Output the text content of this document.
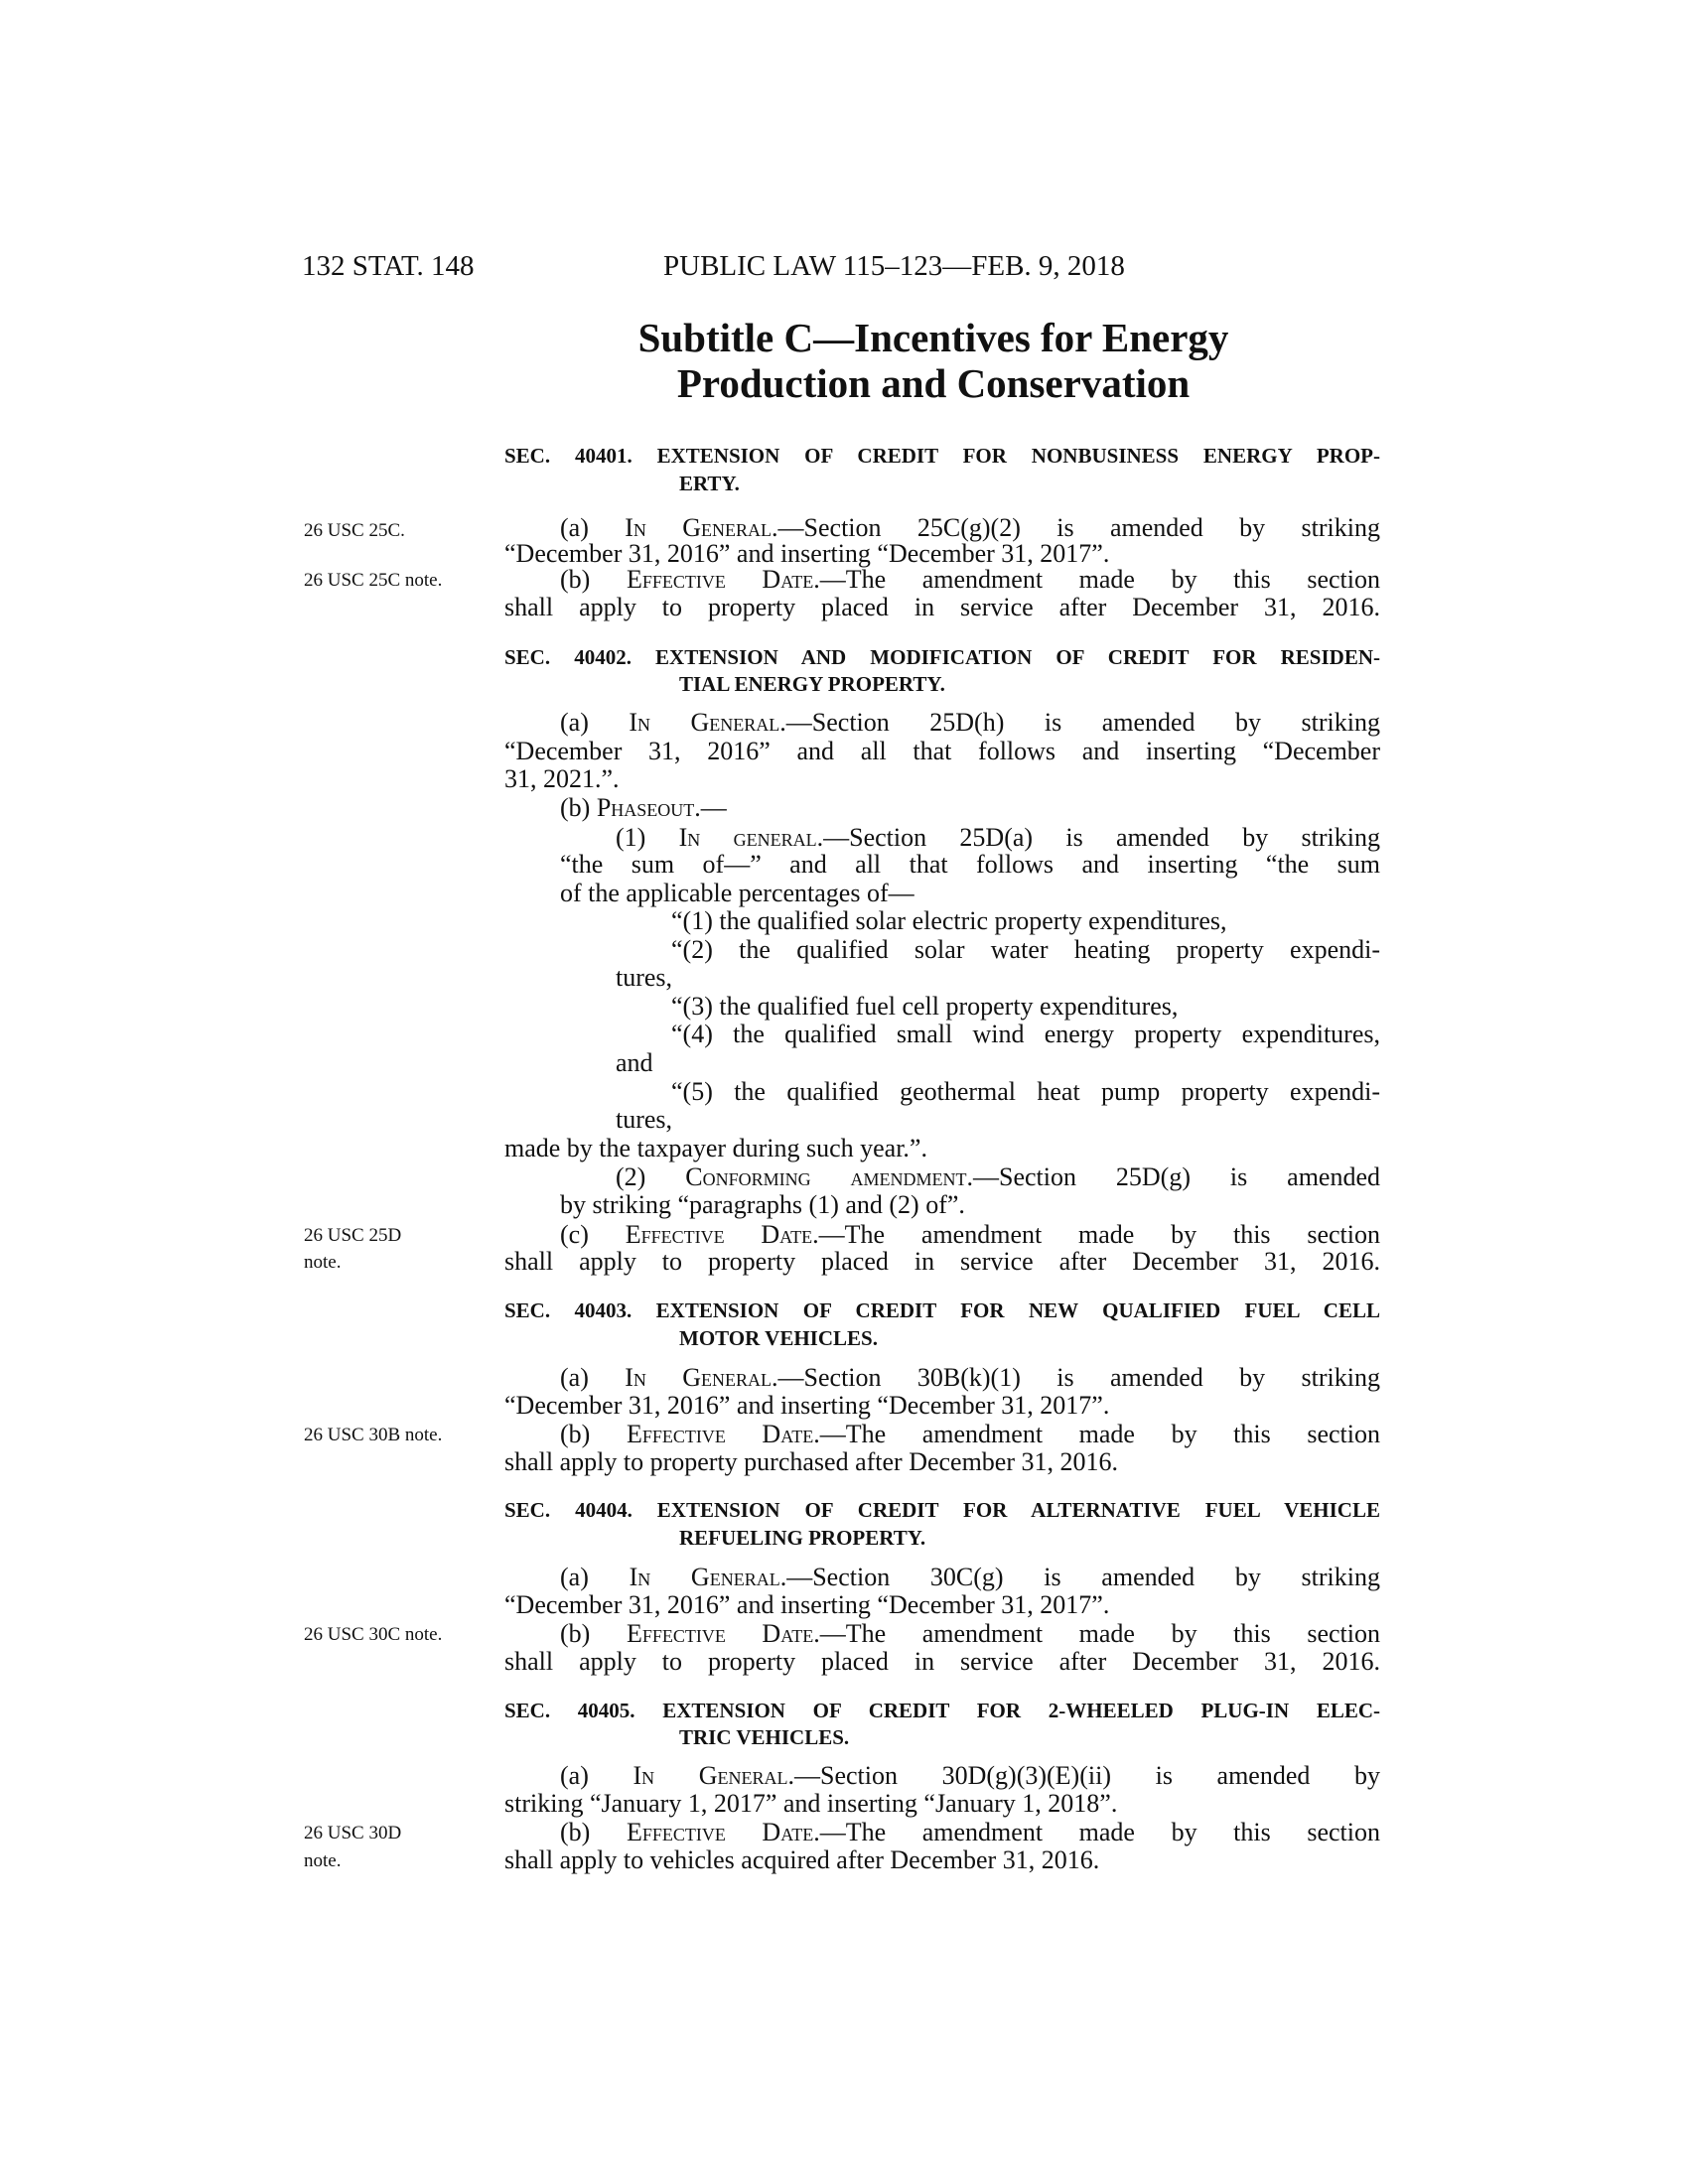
132 STAT. 148	PUBLIC LAW 115–123—FEB. 9, 2018
Subtitle C—Incentives for Energy
Production and Conservation
SEC. 40401. EXTENSION OF CREDIT FOR NONBUSINESS ENERGY PROP-
ERTY.
(a) In General.—Section 25C(g)(2) is amended by striking
“December 31, 2016” and inserting “December 31, 2017”.
(b) Effective Date.—The amendment made by this section
shall apply to property placed in service after December 31, 2016.
SEC. 40402. EXTENSION AND MODIFICATION OF CREDIT FOR RESIDEN-
TIAL ENERGY PROPERTY.
(a) In General.—Section 25D(h) is amended by striking
“December 31, 2016” and all that follows and inserting “December
31, 2021.”.
(b) Phaseout.—
(1) In general.—Section 25D(a) is amended by striking
“the sum of—” and all that follows and inserting “the sum
of the applicable percentages of—
“(1) the qualified solar electric property expenditures,
“(2) the qualified solar water heating property expendi-
tures,
“(3) the qualified fuel cell property expenditures,
“(4) the qualified small wind energy property expenditures,
and
“(5) the qualified geothermal heat pump property expendi-
tures,
made by the taxpayer during such year.”.
(2) Conforming amendment.—Section 25D(g) is amended
by striking “paragraphs (1) and (2) of”.
(c) Effective Date.—The amendment made by this section
shall apply to property placed in service after December 31, 2016.
SEC. 40403. EXTENSION OF CREDIT FOR NEW QUALIFIED FUEL CELL
MOTOR VEHICLES.
(a) In General.—Section 30B(k)(1) is amended by striking
“December 31, 2016” and inserting “December 31, 2017”.
(b) Effective Date.—The amendment made by this section
shall apply to property purchased after December 31, 2016.
SEC. 40404. EXTENSION OF CREDIT FOR ALTERNATIVE FUEL VEHICLE
REFUELING PROPERTY.
(a) In General.—Section 30C(g) is amended by striking
“December 31, 2016” and inserting “December 31, 2017”.
(b) Effective Date.—The amendment made by this section
shall apply to property placed in service after December 31, 2016.
SEC. 40405. EXTENSION OF CREDIT FOR 2-WHEELED PLUG-IN ELEC-
TRIC VEHICLES.
(a) In General.—Section 30D(g)(3)(E)(ii) is amended by
striking “January 1, 2017” and inserting “January 1, 2018”.
(b) Effective Date.—The amendment made by this section
shall apply to vehicles acquired after December 31, 2016.
26 USC 25C.
26 USC 25C note.
26 USC 25D
note.
26 USC 30B note.
26 USC 30C note.
26 USC 30D
note.
